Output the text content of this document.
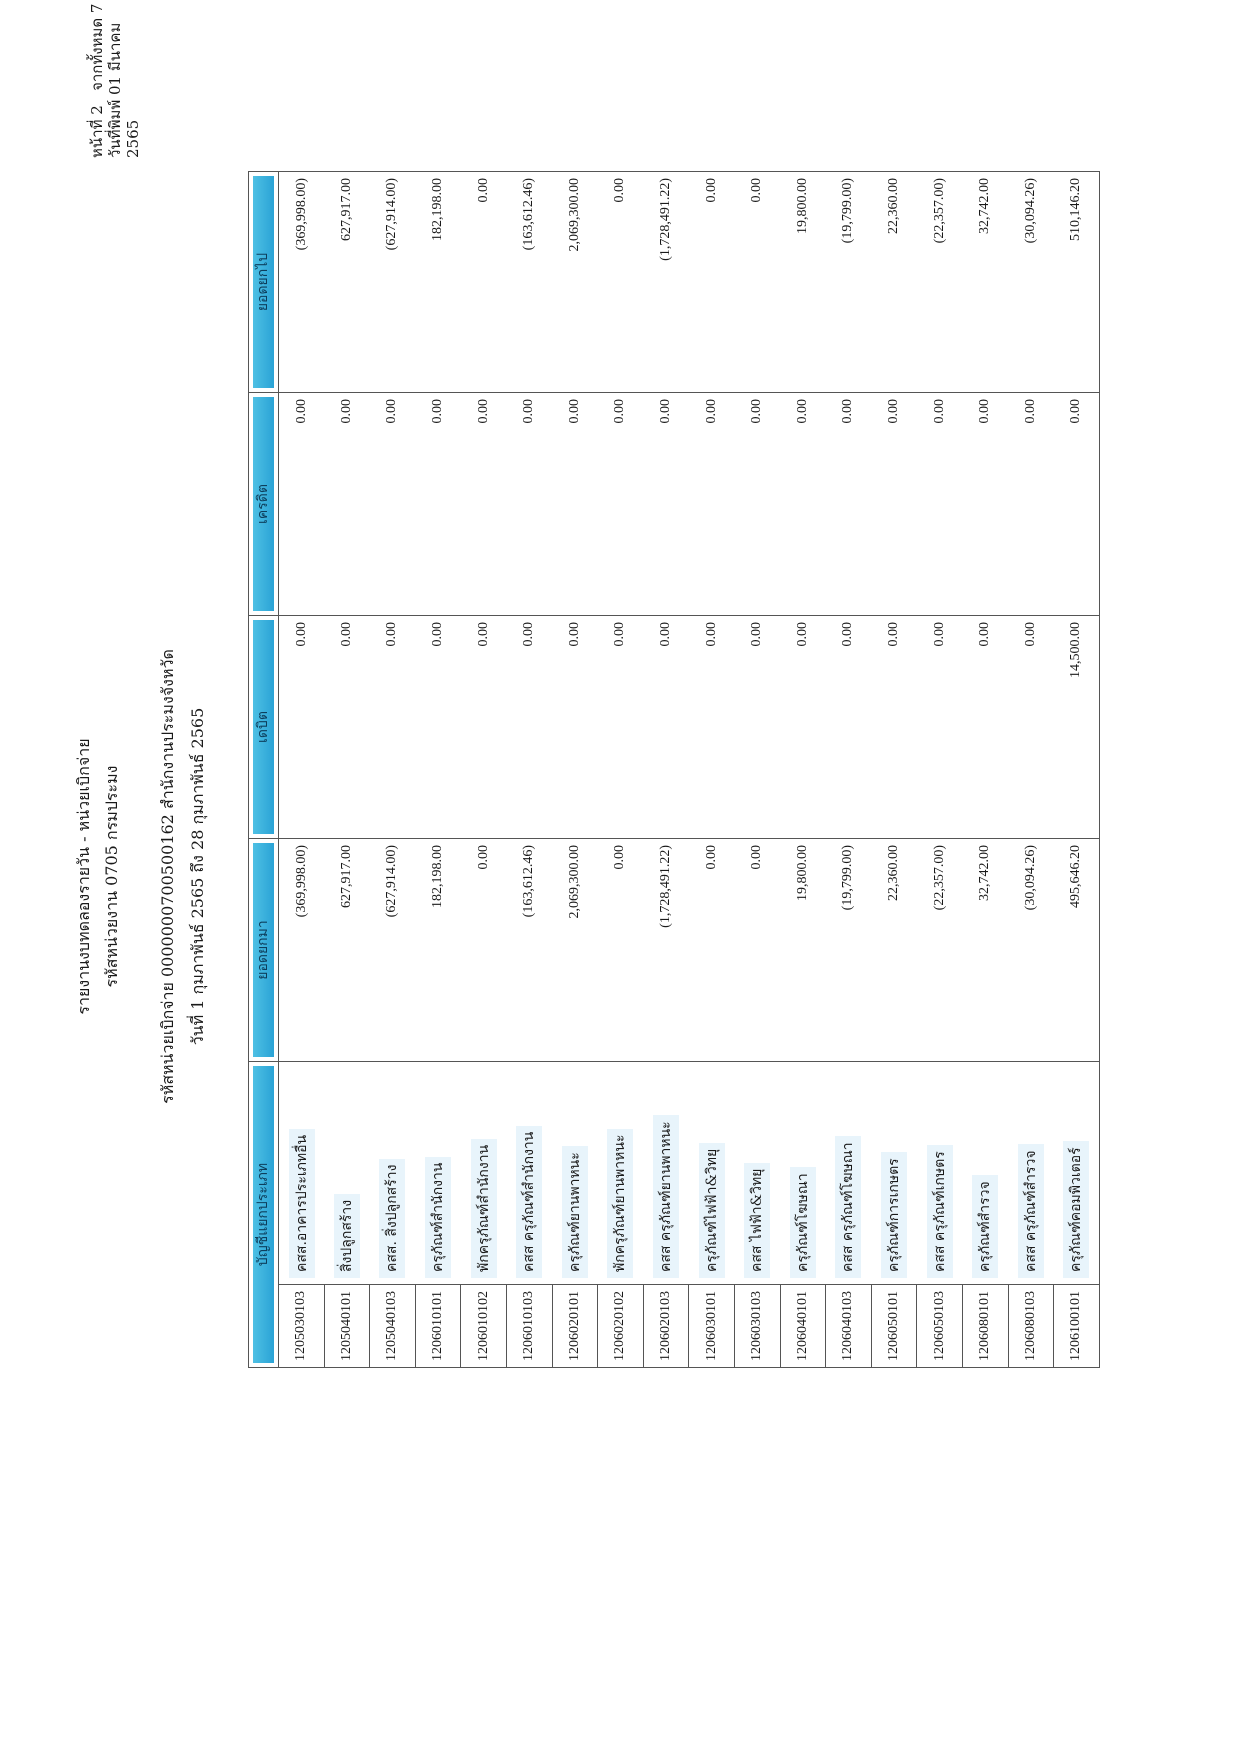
รายงานงบทดลองรายวัน - หน่วยเบิกจ่าย รหัสหน่วยงาน 0705 กรมประมง รหัสหน่วยเบิกจ่าย 0000000700500162 สำนักงานประมงจังหวัด วันที่ 1 กุมภาพันธ์ 2565 ถึง 28 กุมภาพันธ์ 2565
หน้าที่ 2   จากทั้งหมด 7 วันที่พิมพ์ 01 มีนาคม 2565
บัญชีแยกประเภท		ยอดยกมา	เดบิต	เครดิต	ยอดยกไป

1205030103	คสส.อาคารประเภทอื่น	(369,998.00)	0.00	0.00	(369,998.00)
1205040101	สิ่งปลูกสร้าง	627,917.00	0.00	0.00	627,917.00
1205040103	คสส. สิ่งปลูกสร้าง	(627,914.00)	0.00	0.00	(627,914.00)
1206010101	ครุภัณฑ์สำนักงาน	182,198.00	0.00	0.00	182,198.00
1206010102	พักครุภัณฑ์สำนักงาน	0.00	0.00	0.00	0.00
1206010103	คสส ครุภัณฑ์สำนักงาน	(163,612.46)	0.00	0.00	(163,612.46)
1206020101	ครุภัณฑ์ยานพาหนะ	2,069,300.00	0.00	0.00	2,069,300.00
1206020102	พักครุภัณฑ์ยานพาหนะ	0.00	0.00	0.00	0.00
1206020103	คสส ครุภัณฑ์ยานพาหนะ	(1,728,491.22)	0.00	0.00	(1,728,491.22)
1206030101	ครุภัณฑ์ไฟฟ้า&วิทยุ	0.00	0.00	0.00	0.00
1206030103	คสส ไฟฟ้า&วิทยุ	0.00	0.00	0.00	0.00
1206040101	ครุภัณฑ์โฆษณา	19,800.00	0.00	0.00	19,800.00
1206040103	คสส ครุภัณฑ์โฆษณา	(19,799.00)	0.00	0.00	(19,799.00)
1206050101	ครุภัณฑ์การเกษตร	22,360.00	0.00	0.00	22,360.00
1206050103	คสส ครุภัณฑ์เกษตร	(22,357.00)	0.00	0.00	(22,357.00)
1206080101	ครุภัณฑ์สำรวจ	32,742.00	0.00	0.00	32,742.00
1206080103	คสส ครุภัณฑ์สำรวจ	(30,094.26)	0.00	0.00	(30,094.26)
1206100101	ครุภัณฑ์คอมพิวเตอร์	495,646.20	14,500.00	0.00	510,146.20
